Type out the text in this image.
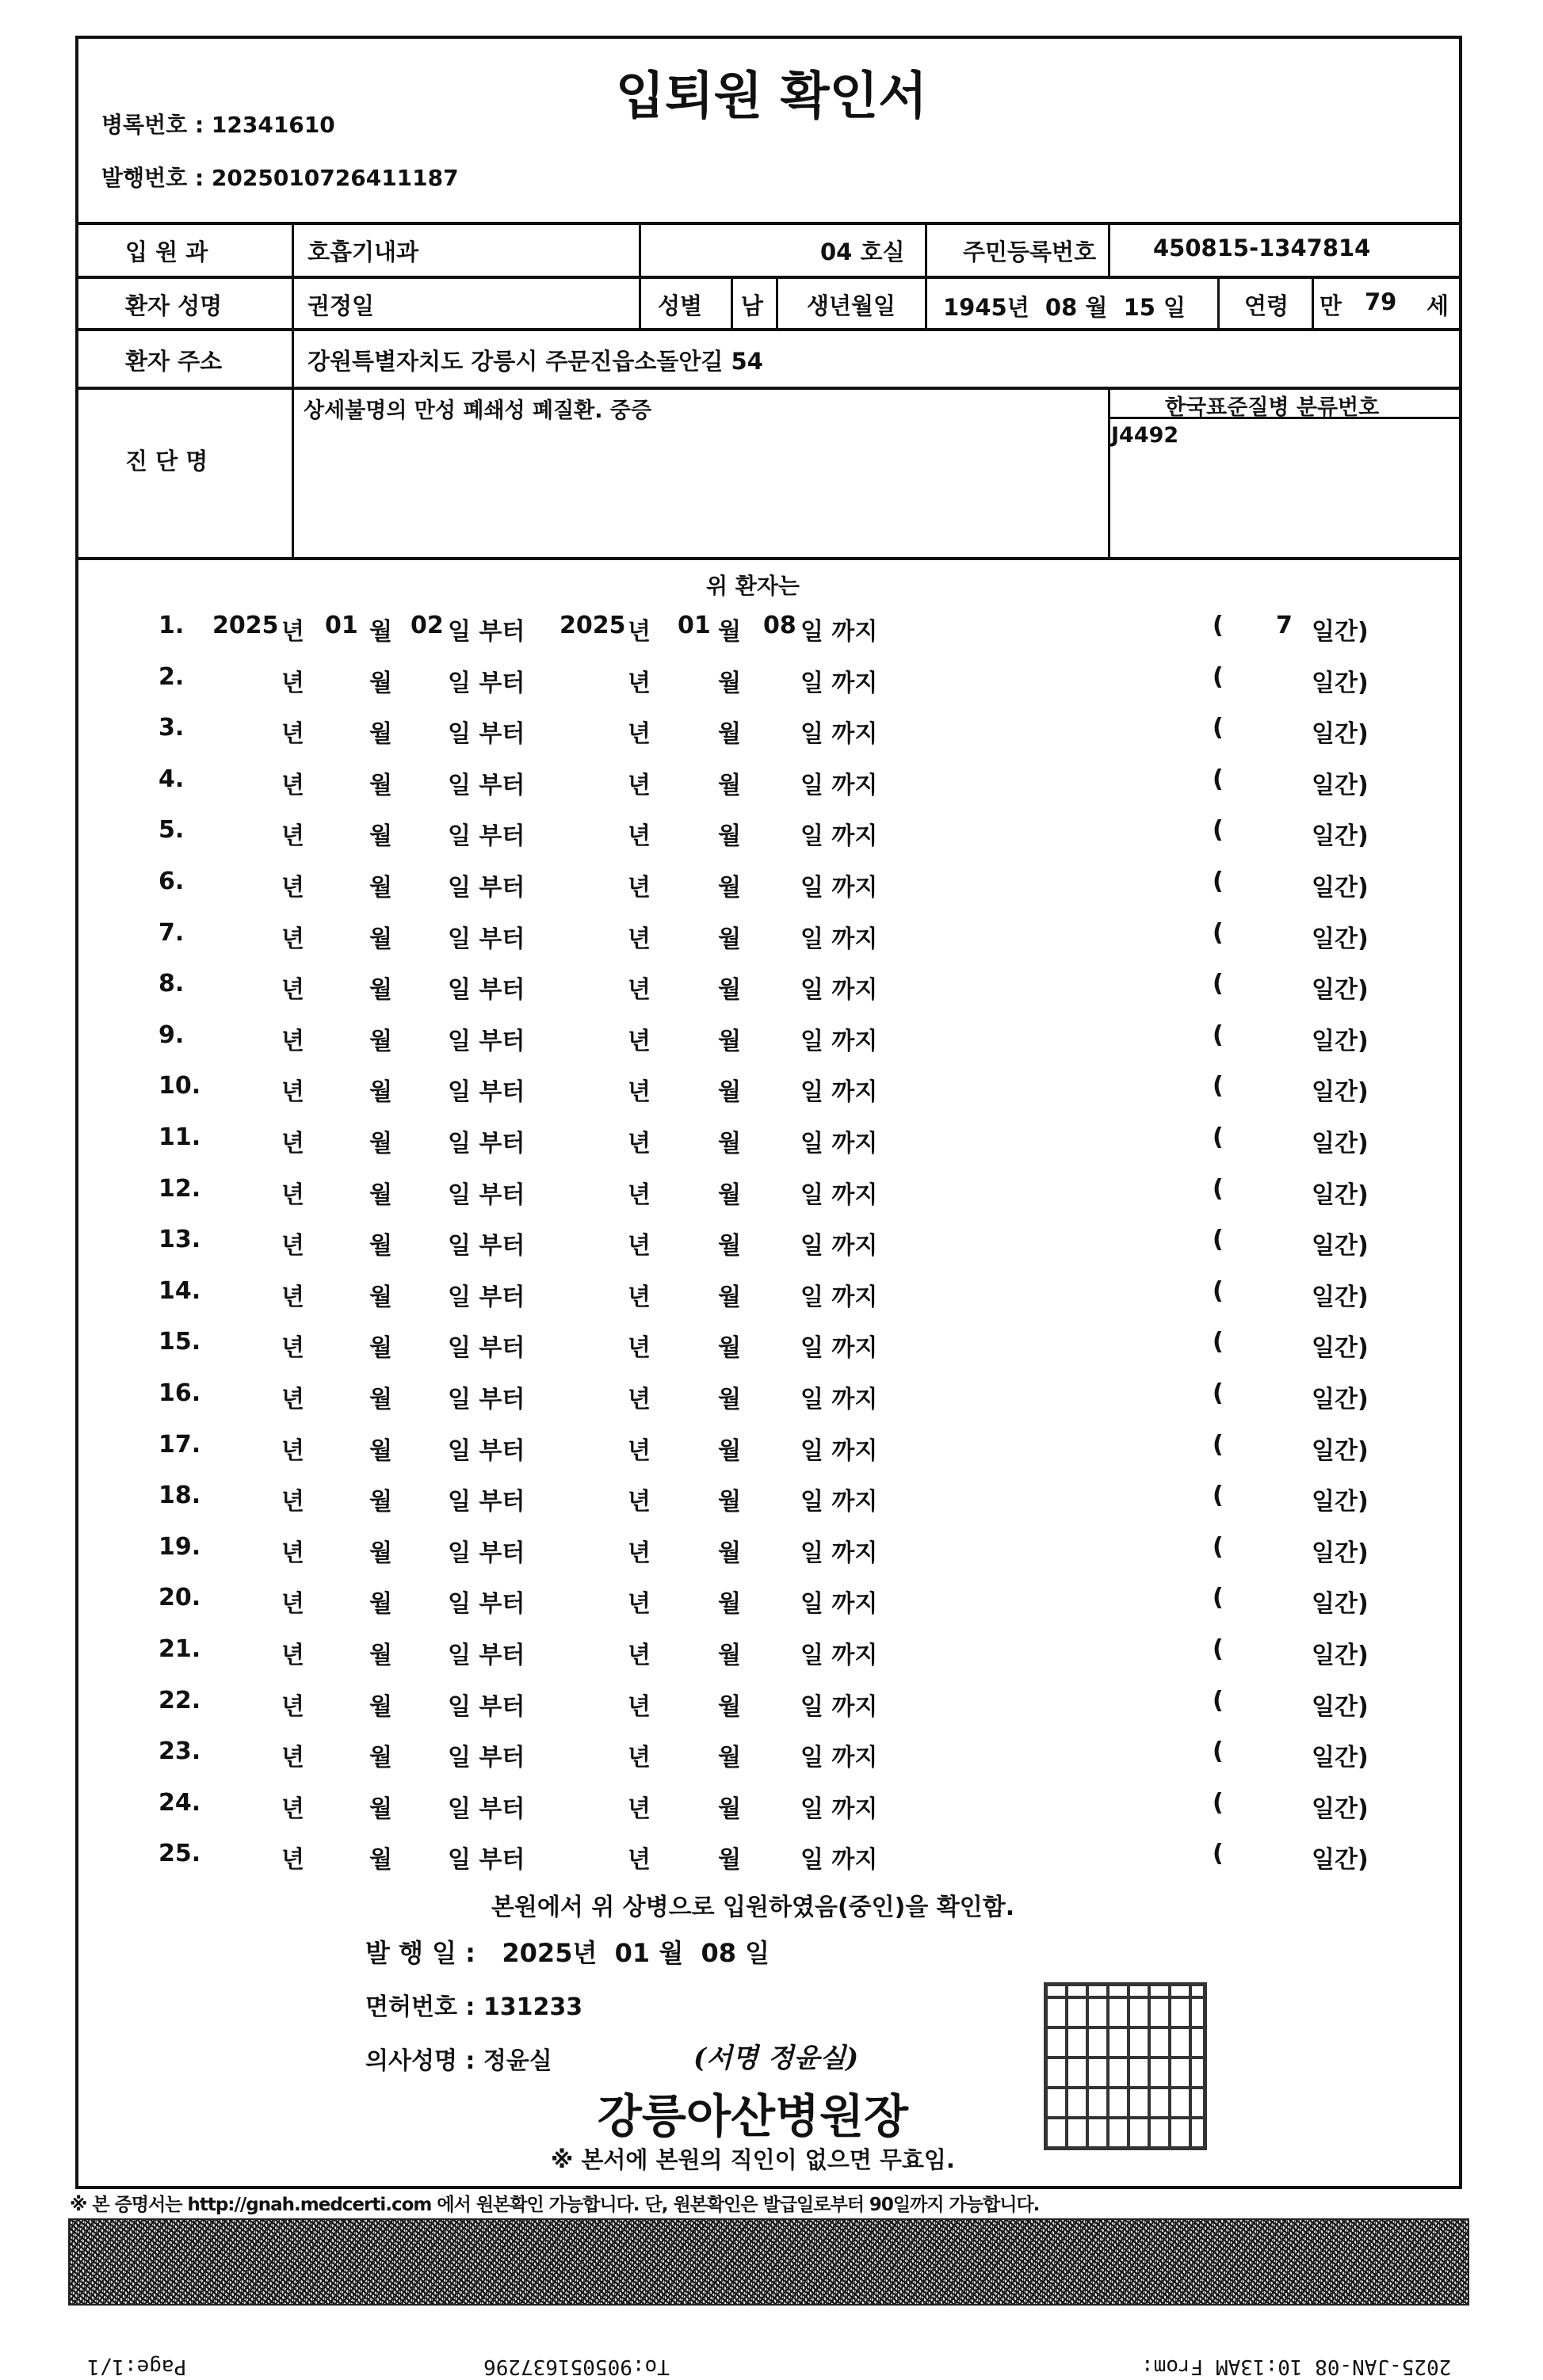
입퇴원 확인서
병록번호 : 12341610
발행번호 : 2025010726411187
입 원 과	호흡기내과	04 호실	주민등록번호 450815-1347814
환자 성명	권정일	성별 남 생년월일 1945년  08 월  15 일	연령 만 79 세
환자 주소	강원특별자치도 강릉시 주문진읍소돌안길 54
진 단 명
상세불명의 만성 폐쇄성 폐질환. 중증	한국표준질병 분류번호
J4492
위 환자는
1. 2025 년 01 월 02 일 부터 2025 년 01 월 08 일 까지	( 7 일간)
2.	년	월 일 부터	년	월	일 까지	(	일간)
3.	년	월 일 부터	년	월	일 까지	(	일간)
4.	년	월 일 부터	년	월	일 까지	(	일간)
5.	년	월 일 부터	년	월	일 까지	(	일간)
6.	년	월 일 부터	년	월	일 까지	(	일간)
7.	년	월 일 부터	년	월	일 까지	(	일간)
8.	년	월 일 부터	년	월	일 까지	(	일간)
9.	년	월 일 부터	년	월	일 까지	(	일간)
10.	년	월 일 부터	년	월	일 까지	(	일간)
11.	년	월 일 부터	년	월	일 까지	(	일간)
12.	년	월 일 부터	년	월	일 까지	(	일간)
13.	년	월 일 부터	년	월	일 까지	(	일간)
14.	년	월 일 부터	년	월	일 까지	(	일간)
15.	년	월 일 부터	년	월	일 까지	(	일간)
16.	년	월 일 부터	년	월	일 까지	(	일간)
17.	년	월 일 부터	년	월	일 까지	(	일간)
18.	년	월 일 부터	년	월	일 까지	(	일간)
19.	년	월 일 부터	년	월	일 까지	(	일간)
20.	년	월 일 부터	년	월	일 까지	(	일간)
21.	년	월 일 부터	년	월	일 까지	(	일간)
22.	년	월 일 부터	년	월	일 까지	(	일간)
23.	년	월 일 부터	년	월	일 까지	(	일간)
24.	년	월 일 부터	년	월	일 까지	(	일간)
25.	년	월 일 부터	년	월	일 까지	(	일간)
본원에서 위 상병으로 입원하였음(중인)을 확인함.
발 행 일 : 2025년  01 월  08 일
면허번호 : 131233
의사성명 : 정윤실	(서명 정윤실)
강릉아산병원장
※ 본서에 본원의 직인이 없으면 무효임.
※ 본 증명서는 http://gnah.medcerti.com 에서 원본확인 가능합니다. 단, 원본확인은 발급일로부터 90일까지 가능합니다.
Page:1/1	To:905051637296	2025-JAN-08 10:13AM From:
